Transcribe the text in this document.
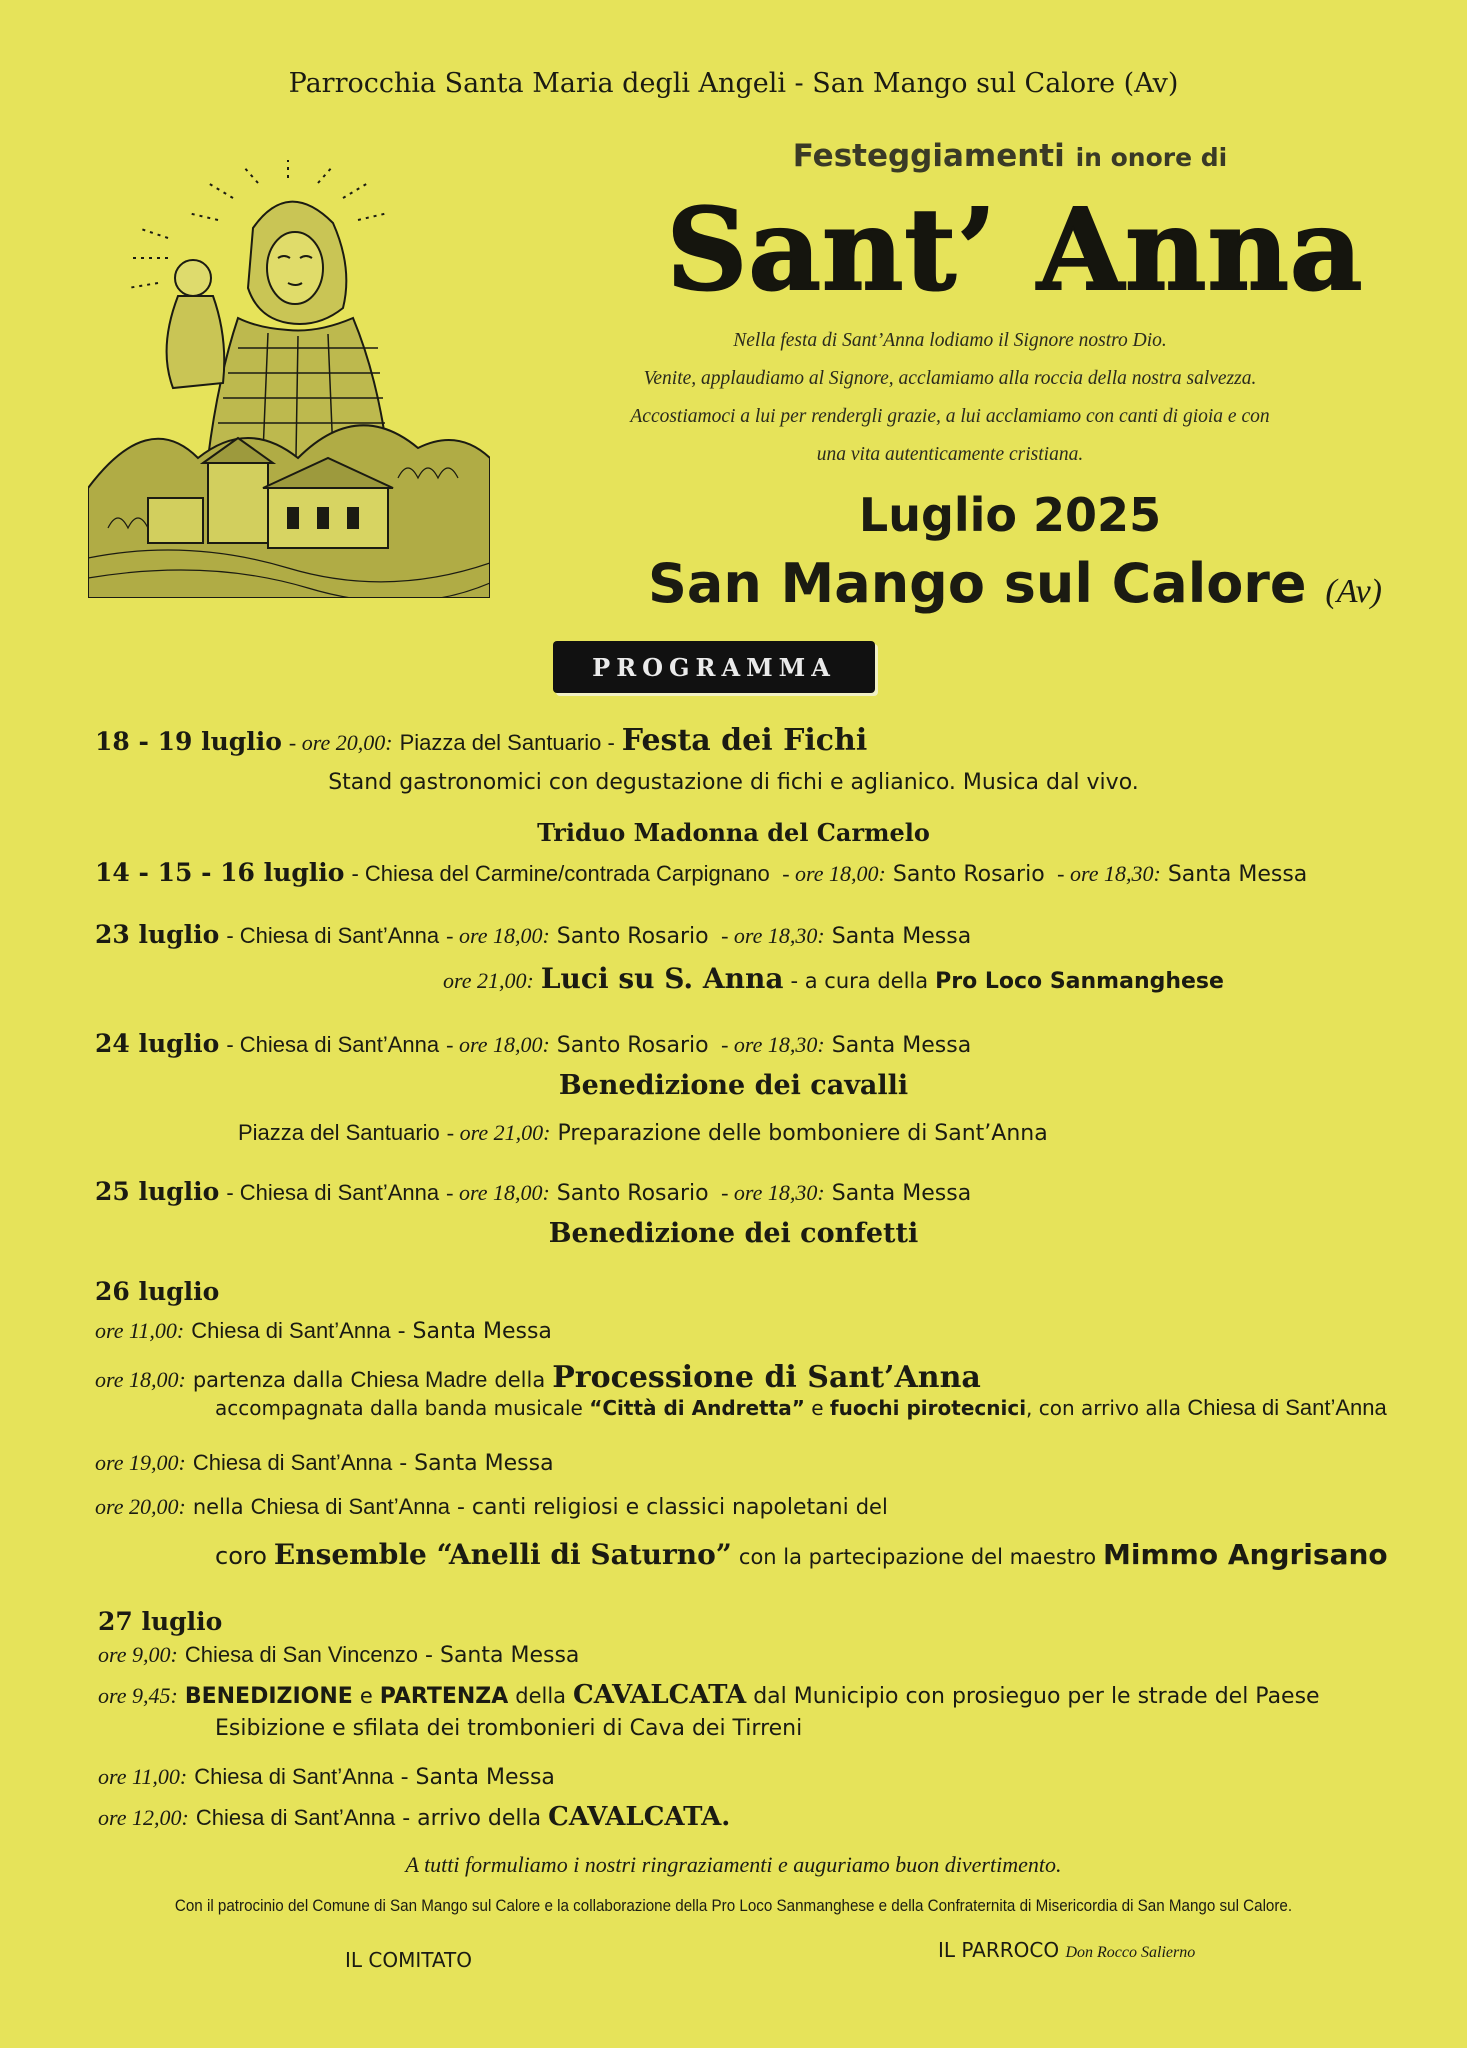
Parrocchia Santa Maria degli Angeli - San Mango sul Calore (Av)
Festeggiamenti in onore di
Sant’ Anna
Nella festa di Sant’Anna lodiamo il Signore nostro Dio.
Venite, applaudiamo al Signore, acclamiamo alla roccia della nostra salvezza.
Accostiamoci a lui per rendergli grazie, a lui acclamiamo con canti di gioia e con
una vita autenticamente cristiana.
Luglio 2025
San Mango sul Calore (Av)
PROGRAMMA
18 - 19 luglio - ore 20,00: Piazza del Santuario - Festa dei Fichi
Stand gastronomici con degustazione di fichi e aglianico. Musica dal vivo.
Triduo Madonna del Carmelo
14 - 15 - 16 luglio - Chiesa del Carmine/contrada Carpignano - ore 18,00: Santo Rosario - ore 18,30: Santa Messa
23 luglio - Chiesa di Sant’Anna - ore 18,00: Santo Rosario - ore 18,30: Santa Messa
ore 21,00: Luci su S. Anna - a cura della Pro Loco Sanmanghese
24 luglio - Chiesa di Sant’Anna - ore 18,00: Santo Rosario - ore 18,30: Santa Messa
Benedizione dei cavalli
Piazza del Santuario - ore 21,00: Preparazione delle bomboniere di Sant’Anna
25 luglio - Chiesa di Sant’Anna - ore 18,00: Santo Rosario - ore 18,30: Santa Messa
Benedizione dei confetti
26 luglio
ore 11,00: Chiesa di Sant’Anna - Santa Messa
ore 18,00: partenza dalla Chiesa Madre della Processione di Sant’Anna
accompagnata dalla banda musicale “Città di Andretta” e fuochi pirotecnici, con arrivo alla Chiesa di Sant’Anna
ore 19,00: Chiesa di Sant’Anna - Santa Messa
ore 20,00: nella Chiesa di Sant’Anna - canti religiosi e classici napoletani del
coro Ensemble “Anelli di Saturno” con la partecipazione del maestro Mimmo Angrisano
27 luglio
ore 9,00: Chiesa di San Vincenzo - Santa Messa
ore 9,45: BENEDIZIONE e PARTENZA della CAVALCATA dal Municipio con prosieguo per le strade del Paese
Esibizione e sfilata dei trombonieri di Cava dei Tirreni
ore 11,00: Chiesa di Sant’Anna - Santa Messa
ore 12,00: Chiesa di Sant’Anna - arrivo della CAVALCATA.
A tutti formuliamo i nostri ringraziamenti e auguriamo buon divertimento.
Con il patrocinio del Comune di San Mango sul Calore e la collaborazione della Pro Loco Sanmanghese e della Confraternita di Misericordia di San Mango sul Calore.
IL COMITATO	IL PARROCO Don Rocco Salierno
